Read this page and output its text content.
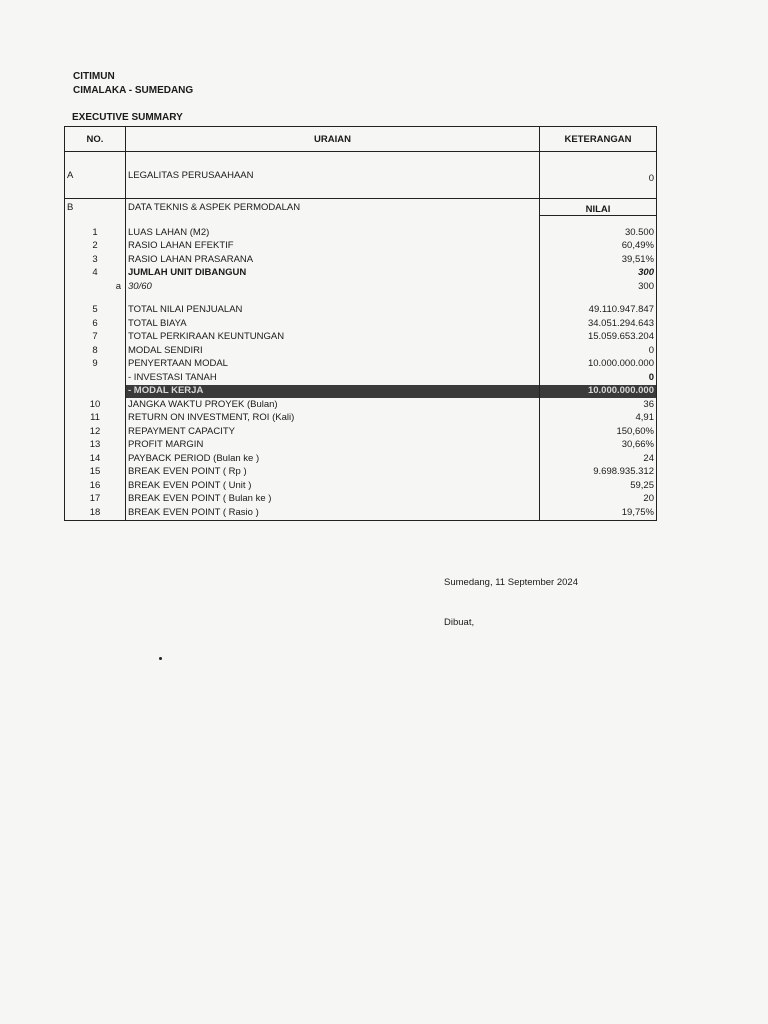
CITIMUN
CIMALAKA - SUMEDANG
EXECUTIVE SUMMARY
NO.	URAIAN	KETERANGAN
A	LEGALITAS PERUSAAHAAN	0
B	DATA TEKNIS & ASPEK PERMODALAN	NILAI

1	LUAS LAHAN (M2)	30.500
2	RASIO LAHAN EFEKTIF	60,49%
3	RASIO LAHAN PRASARANA	39,51%
4	JUMLAH UNIT DIBANGUN	300

a	30/60	300

5	TOTAL NILAI PENJUALAN	49.110.947.847
6	TOTAL BIAYA	34.051.294.643
7	TOTAL PERKIRAAN KEUNTUNGAN	15.059.653.204
8	MODAL SENDIRI	0
9	PENYERTAAN MODAL	10.000.000.000
	- INVESTASI TANAH	0
	- MODAL KERJA	10.000.000.000
10	JANGKA WAKTU PROYEK (Bulan)	36
11	RETURN ON INVESTMENT, ROI (Kali)	4,91
12	REPAYMENT CAPACITY	150,60%
13	PROFIT MARGIN	30,66%
14	PAYBACK PERIOD (Bulan ke )	24
15	BREAK EVEN POINT ( Rp )	9.698.935.312
16	BREAK EVEN POINT ( Unit )	59,25
17	BREAK EVEN POINT ( Bulan ke )	20
18	BREAK EVEN POINT ( Rasio )	19,75%
Sumedang, 11 September 2024
Dibuat,
